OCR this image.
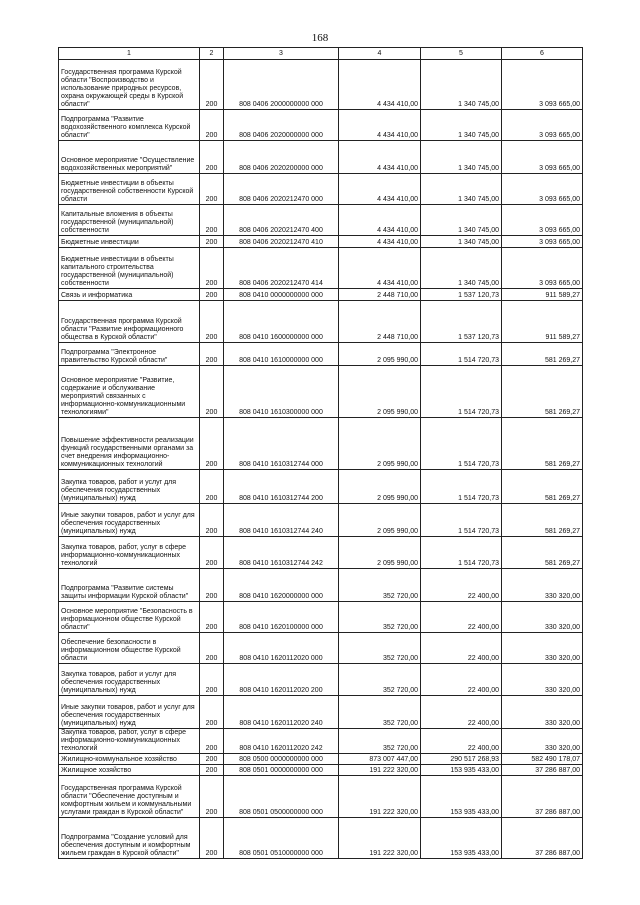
168
1	2	3	4	5	6
Государственная программа Курской области "Воспроизводство и использование природных ресурсов, охрана окружающей среды в Курской области"	200	808 0406 2000000000 000	4 434 410,00	1 340 745,00	3 093 665,00
Подпрограмма "Развитие водохозяйственного комплекса Курской области"	200	808 0406 2020000000 000	4 434 410,00	1 340 745,00	3 093 665,00
Основное мероприятие "Осуществление водохозяйственных мероприятий"	200	808 0406 2020200000 000	4 434 410,00	1 340 745,00	3 093 665,00
Бюджетные инвестиции в объекты государственной собственности Курской области	200	808 0406 2020212470 000	4 434 410,00	1 340 745,00	3 093 665,00
Капитальные вложения в объекты государственной (муниципальной) собственности	200	808 0406 2020212470 400	4 434 410,00	1 340 745,00	3 093 665,00
Бюджетные инвестиции	200	808 0406 2020212470 410	4 434 410,00	1 340 745,00	3 093 665,00
Бюджетные инвестиции в объекты капитального строительства государственной (муниципальной) собственности	200	808 0406 2020212470 414	4 434 410,00	1 340 745,00	3 093 665,00
Связь и информатика	200	808 0410 0000000000 000	2 448 710,00	1 537 120,73	911 589,27
Государственная программа Курской области "Развитие информационного общества в Курской области"	200	808 0410 1600000000 000	2 448 710,00	1 537 120,73	911 589,27
Подпрограмма "Электронное правительство Курской области"	200	808 0410 1610000000 000	2 095 990,00	1 514 720,73	581 269,27
Основное мероприятие "Развитие, содержание и обслуживание мероприятий связанных с информационно-коммуникационными технологиями"	200	808 0410 1610300000 000	2 095 990,00	1 514 720,73	581 269,27
Повышение эффективности реализации функций государственными органами за счет внедрения информационно-коммуникационных технологий	200	808 0410 1610312744 000	2 095 990,00	1 514 720,73	581 269,27
Закупка товаров, работ и услуг для обеспечения государственных (муниципальных) нужд	200	808 0410 1610312744 200	2 095 990,00	1 514 720,73	581 269,27
Иные закупки товаров, работ и услуг для обеспечения государственных (муниципальных) нужд	200	808 0410 1610312744 240	2 095 990,00	1 514 720,73	581 269,27
Закупка товаров, работ, услуг в сфере информационно-коммуникационных технологий	200	808 0410 1610312744 242	2 095 990,00	1 514 720,73	581 269,27
Подпрограмма "Развитие системы защиты информации Курской области"	200	808 0410 1620000000 000	352 720,00	22 400,00	330 320,00
Основное мероприятие "Безопасность в информационном обществе Курской области"	200	808 0410 1620100000 000	352 720,00	22 400,00	330 320,00
Обеспечение безопасности в информационном обществе Курской области	200	808 0410 1620112020 000	352 720,00	22 400,00	330 320,00
Закупка товаров, работ и услуг для обеспечения государственных (муниципальных) нужд	200	808 0410 1620112020 200	352 720,00	22 400,00	330 320,00
Иные закупки товаров, работ и услуг для обеспечения государственных (муниципальных) нужд	200	808 0410 1620112020 240	352 720,00	22 400,00	330 320,00
Закупка товаров, работ, услуг в сфере информационно-коммуникационных технологий	200	808 0410 1620112020 242	352 720,00	22 400,00	330 320,00
Жилищно-коммунальное хозяйство	200	808 0500 0000000000 000	873 007 447,00	290 517 268,93	582 490 178,07
Жилищное хозяйство	200	808 0501 0000000000 000	191 222 320,00	153 935 433,00	37 286 887,00
Государственная программа Курской области "Обеспечение доступным и комфортным жильем и коммунальными услугами граждан в Курской области"	200	808 0501 0500000000 000	191 222 320,00	153 935 433,00	37 286 887,00
Подпрограмма "Создание условий для обеспечения доступным и комфортным жильем граждан в Курской области"	200	808 0501 0510000000 000	191 222 320,00	153 935 433,00	37 286 887,00
